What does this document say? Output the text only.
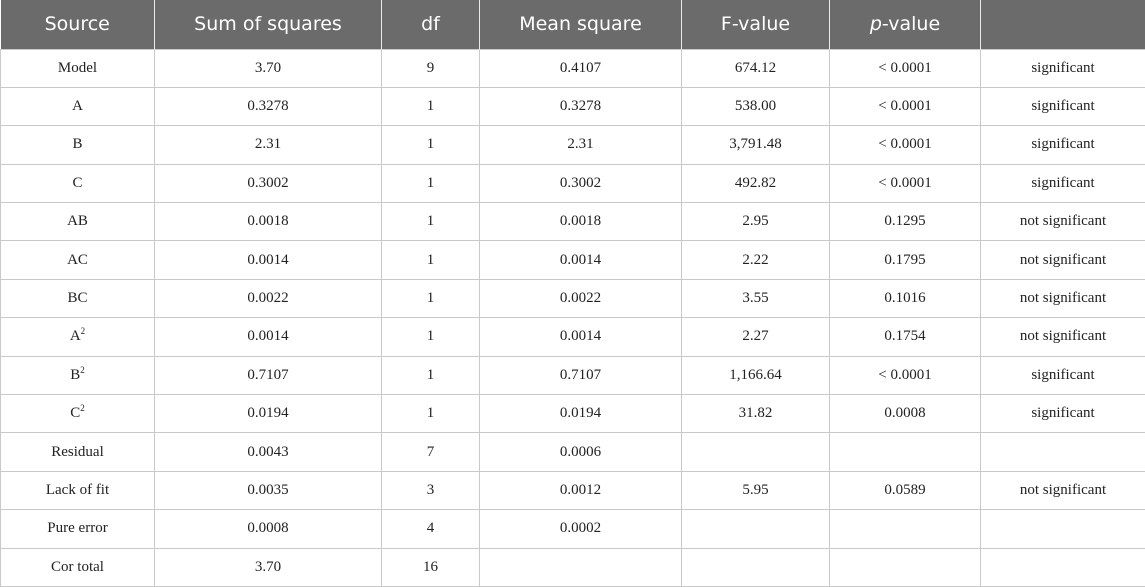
Source	Sum of squares	df	Mean square	F-value	p-value	
Model	3.70	9	0.4107	674.12	< 0.0001	significant
A	0.3278	1	0.3278	538.00	< 0.0001	significant
B	2.31	1	2.31	3,791.48	< 0.0001	significant
C	0.3002	1	0.3002	492.82	< 0.0001	significant
AB	0.0018	1	0.0018	2.95	0.1295	not significant
AC	0.0014	1	0.0014	2.22	0.1795	not significant
BC	0.0022	1	0.0022	3.55	0.1016	not significant
$A^2$	0.0014	1	0.0014	2.27	0.1754	not significant
$B^2$	0.7107	1	0.7107	1,166.64	< 0.0001	significant
$C^2$	0.0194	1	0.0194	31.82	0.0008	significant
Residual	0.0043	7	0.0006			
Lack of fit	0.0035	3	0.0012	5.95	0.0589	not significant
Pure error	0.0008	4	0.0002			
Cor total	3.70	16				
